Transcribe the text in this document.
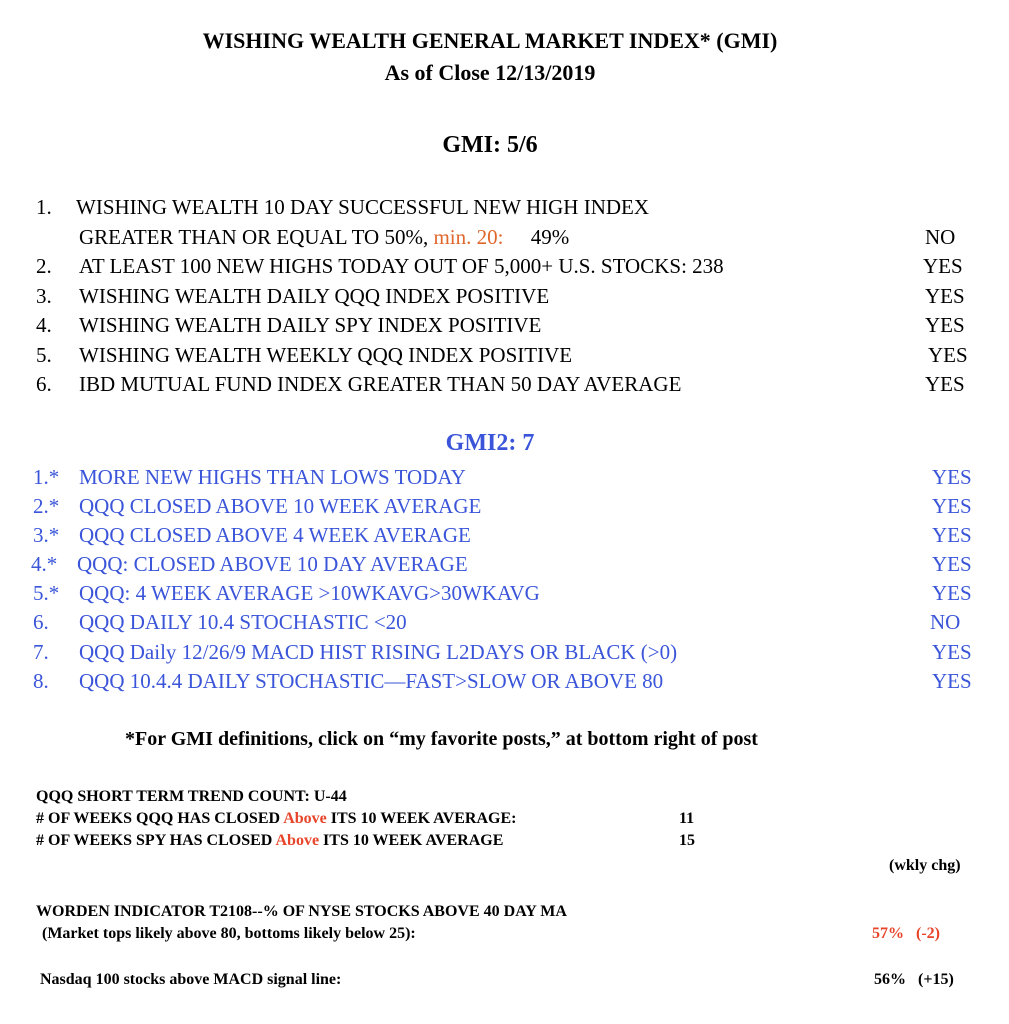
WISHING WEALTH GENERAL MARKET INDEX* (GMI)
As of Close 12/13/2019
GMI: 5/6
1. WISHING WEALTH 10 DAY SUCCESSFUL NEW HIGH INDEX
GREATER THAN OR EQUAL TO 50%, min. 20: 49%	NO
2. AT LEAST 100 NEW HIGHS TODAY OUT OF 5,000+ U.S. STOCKS: 238	YES
3. WISHING WEALTH DAILY QQQ INDEX POSITIVE	YES
4. WISHING WEALTH DAILY SPY INDEX POSITIVE	YES
5. WISHING WEALTH WEEKLY QQQ INDEX POSITIVE	YES
6. IBD MUTUAL FUND INDEX GREATER THAN 50 DAY AVERAGE	YES
GMI2: 7
1.* MORE NEW HIGHS THAN LOWS TODAY	YES
2.* QQQ CLOSED ABOVE 10 WEEK AVERAGE	YES
3.* QQQ CLOSED ABOVE 4 WEEK AVERAGE	YES
4.* QQQ: CLOSED ABOVE 10 DAY AVERAGE	YES
5.* QQQ: 4 WEEK AVERAGE >10WKAVG>30WKAVG	YES
6. QQQ DAILY 10.4 STOCHASTIC <20	NO
7. QQQ Daily 12/26/9 MACD HIST RISING L2DAYS OR BLACK (>0)	YES
8. QQQ 10.4.4 DAILY STOCHASTIC—FAST>SLOW OR ABOVE 80	YES
*For GMI definitions, click on “my favorite posts,” at bottom right of post
QQQ SHORT TERM TREND COUNT: U-44
# OF WEEKS QQQ HAS CLOSED Above ITS 10 WEEK AVERAGE:	11
# OF WEEKS SPY HAS CLOSED Above ITS 10 WEEK AVERAGE	15
(wkly chg)
WORDEN INDICATOR T2108--% OF NYSE STOCKS ABOVE 40 DAY MA
(Market tops likely above 80, bottoms likely below 25):	57% (-2)
Nasdaq 100 stocks above MACD signal line:	56% (+15)
